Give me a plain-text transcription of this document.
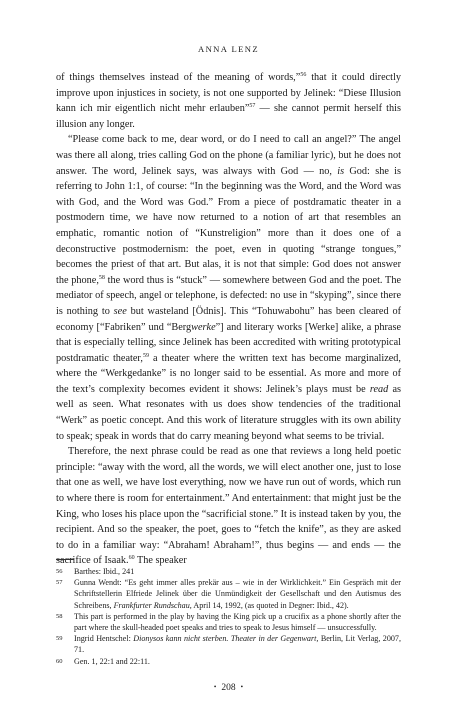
ANNA LENZ

of things themselves instead of the meaning of words,”$^{56}$ that it could directly improve upon injustices in society, is not one supported by Jelinek: “Diese Illusion kann ich mir eigentlich nicht mehr erlauben”$^{57}$ — she cannot permit herself this illusion any longer.

“Please come back to me, dear word, or do I need to call an angel?” The angel was there all along, tries calling God on the phone (a familiar lyric), but he does not answer. The word, Jelinek says, was always with God — no, is God: she is referring to John 1:1, of course: “In the beginning was the Word, and the Word was with God, and the Word was God.” From a piece of postdramatic theater in a postmodern time, we have now returned to a notion of art that resembles an emphatic, romantic notion of “Kunstreligion” more than it does one of a deconstructive postmodernism: the poet, even in quoting “strange tongues,” becomes the priest of that art. But alas, it is not that simple: God does not answer the phone,$^{58}$ the word thus is “stuck” — somewhere between God and the poet. The mediator of speech, angel or telephone, is defected: no use in “skyping”, since there is nothing to see but wasteland [Ödnis]. This “Tohuwabohu” has been cleared of economy [“Fabriken” und “Bergwerke”] and literary works [Werke] alike, a phrase that is especially telling, since Jelinek has been accredited with writing prototypical postdramatic theater,$^{59}$ a theater where the written text has become marginalized, where the “Werkgedanke” is no longer said to be essential. As more and more of the text’s complexity becomes evident it shows: Jelinek’s plays must be read as well as seen. What resonates with us does show tendencies of the traditional “Werk” as poetic concept. And this work of literature struggles with its own ability to speak; speak in words that do carry meaning beyond what seems to be trivial.

Therefore, the next phrase could be read as one that reviews a long held poetic principle: “away with the word, all the words, we will elect another one, just to lose that one as well, we have lost everything, now we have run out of words, which run to where there is room for entertainment.” And entertainment: that might just be the King, who loses his place upon the “sacrificial stone.” It is instead taken by you, the recipient. And so the speaker, the poet, goes to “fetch the knife”, as they are asked to do in a familiar way: “Abraham! Abraham!”, thus begins — and ends — the sacrifice of Isaak.$^{60}$ The speaker

56 Barthes: Ibid., 241
57 Gunna Wendt: “Es geht immer alles prekär aus – wie in der Wirklichkeit.” Ein Gespräch mit der Schriftstellerin Elfriede Jelinek über die Unmündigkeit der Gesellschaft und den Autismus des Schreibens, Frankfurter Rundschau, April 14, 1992, (as quoted in Degner: Ibid., 42).
58 This part is performed in the play by having the King pick up a crucifix as a phone shortly after the part where the skull-headed poet speaks and tries to speak to Jesus himself — unsuccessfully.
59 Ingrid Hentschel: Dionysos kann nicht sterben. Theater in der Gegenwart, Berlin, Lit Verlag, 2007, 71.
60 Gen. 1, 22:1 and 22:11.
• 208 •
